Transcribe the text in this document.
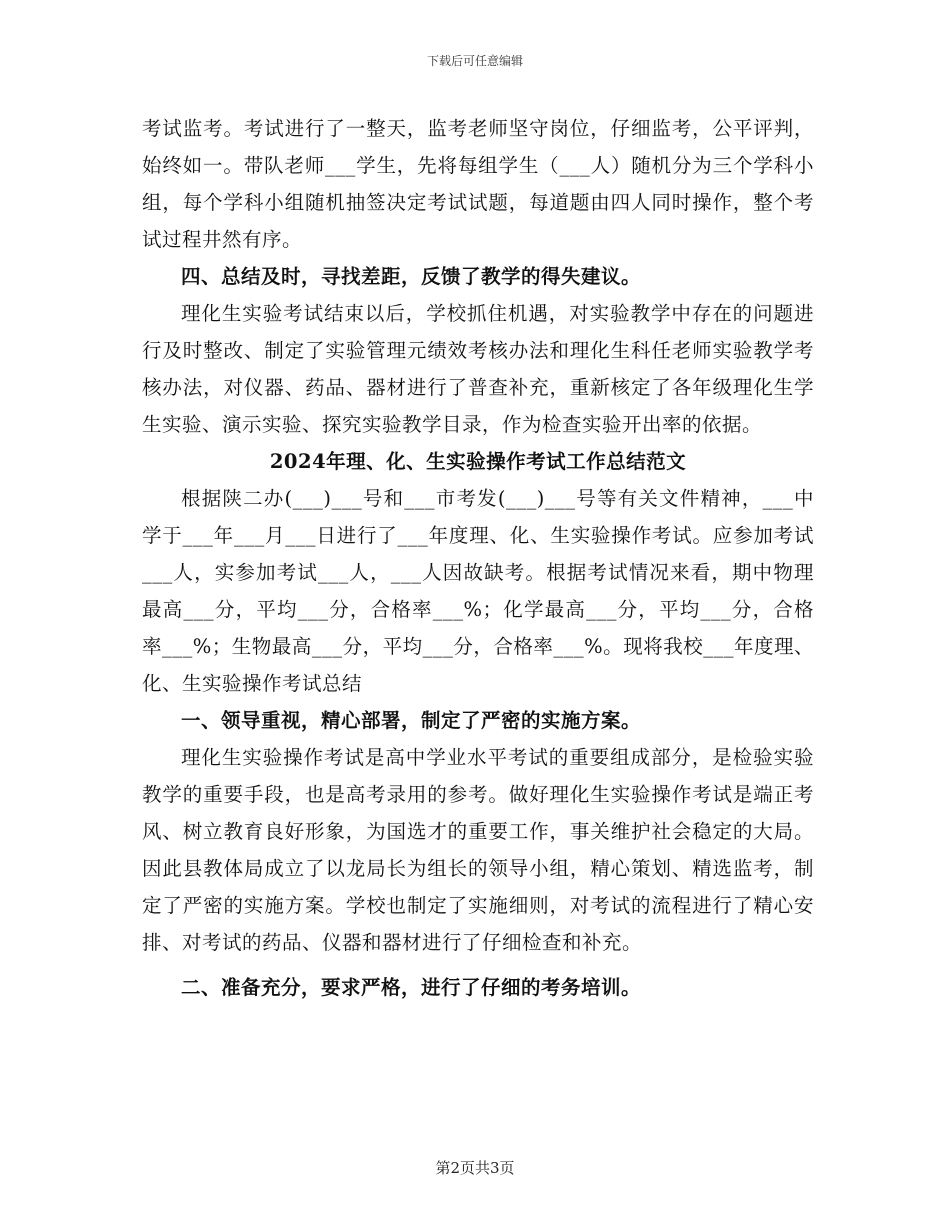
下载后可任意编辑

考试监考。考试进行了一整天，监考老师坚守岗位，仔细监考，公平评判，始终如一。带队老师___学生，先将每组学生（___人）随机分为三个学科小组，每个学科小组随机抽签决定考试试题，每道题由四人同时操作，整个考试过程井然有序。

四、总结及时，寻找差距，反馈了教学的得失建议。

理化生实验考试结束以后，学校抓住机遇，对实验教学中存在的问题进行及时整改、制定了实验管理元绩效考核办法和理化生科任老师实验教学考核办法，对仪器、药品、器材进行了普查补充，重新核定了各年级理化生学生实验、演示实验、探究实验教学目录，作为检查实验开出率的依据。

2024年理、化、生实验操作考试工作总结范文

根据陕二办(___)___号和___市考发(___)___号等有关文件精神，___中学于___年___月___日进行了___年度理、化、生实验操作考试。应参加考试___人，实参加考试___人，___人因故缺考。根据考试情况来看，期中物理最高___分，平均___分，合格率___%；化学最高___分，平均___分，合格率___%；生物最高___分，平均___分，合格率___%。现将我校___年度理、化、生实验操作考试总结

一、领导重视，精心部署，制定了严密的实施方案。

理化生实验操作考试是高中学业水平考试的重要组成部分，是检验实验教学的重要手段，也是高考录用的参考。做好理化生实验操作考试是端正考风、树立教育良好形象，为国选才的重要工作，事关维护社会稳定的大局。因此县教体局成立了以龙局长为组长的领导小组，精心策划、精选监考，制定了严密的实施方案。学校也制定了实施细则，对考试的流程进行了精心安排、对考试的药品、仪器和器材进行了仔细检查和补充。

二、准备充分，要求严格，进行了仔细的考务培训。

第2页共3页
